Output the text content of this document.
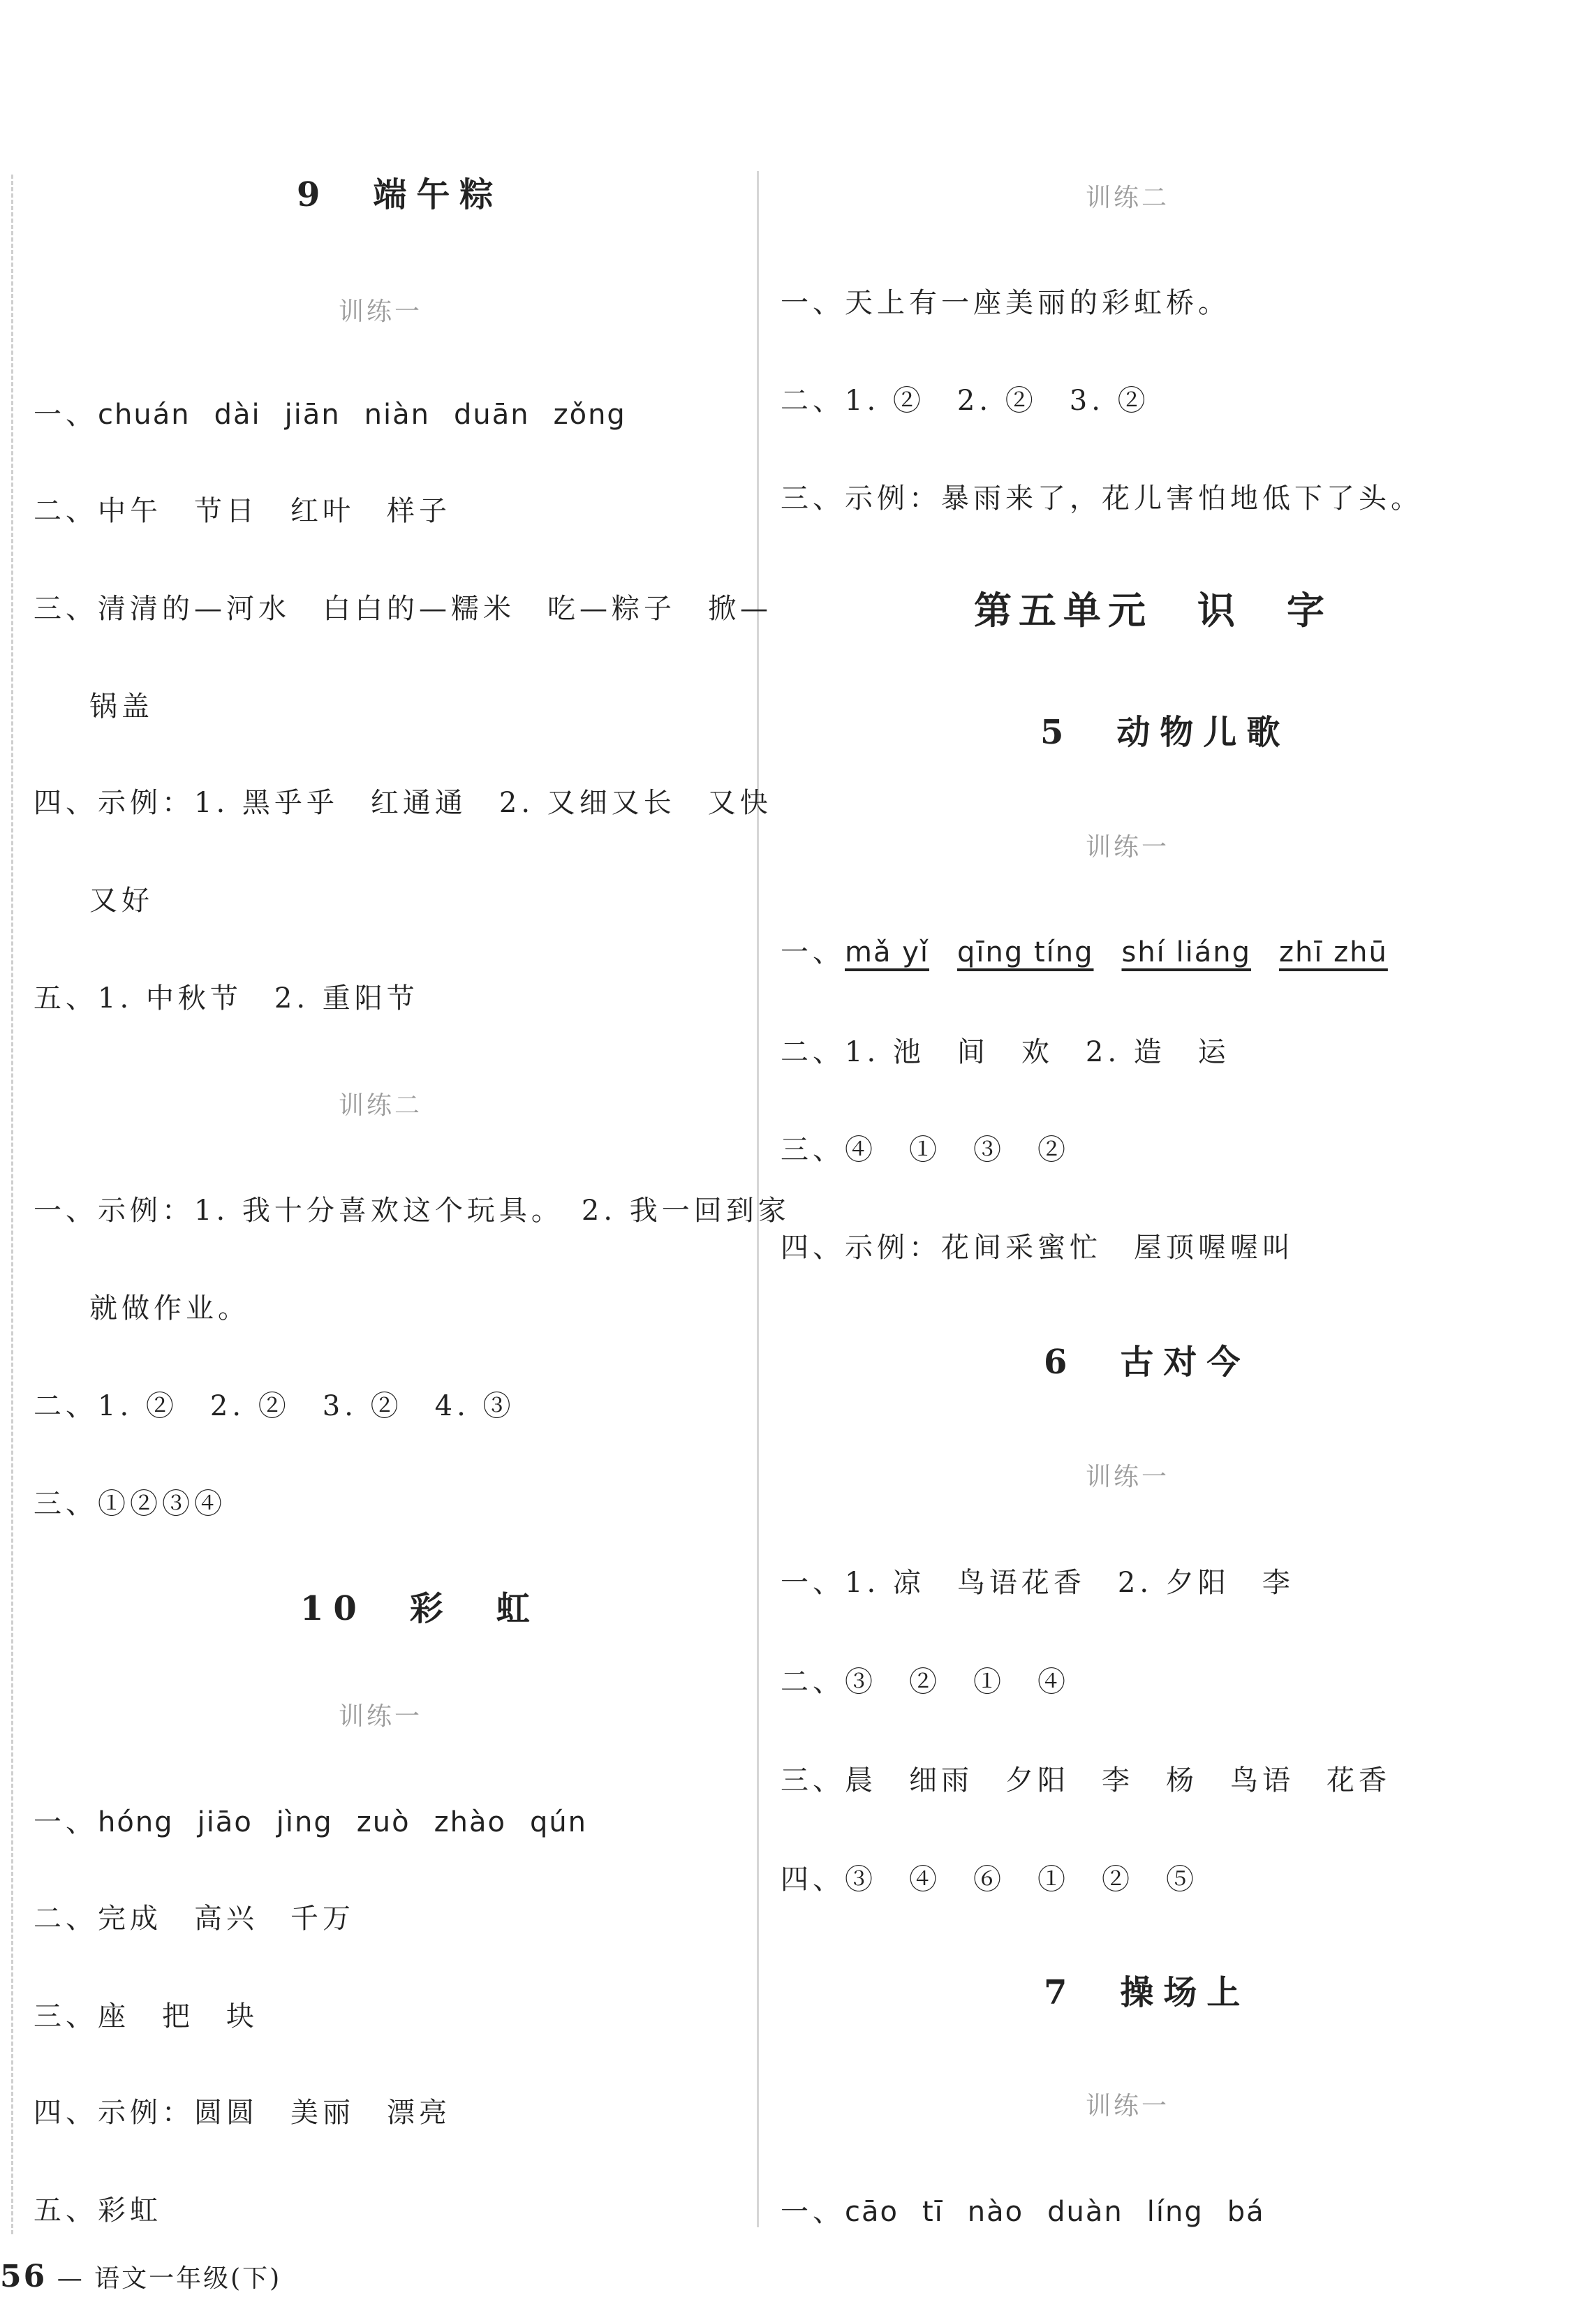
9　端午粽
训练一
一、chuán dài jiān niàn duān zǒng
二、中午　节日　红叶　样子
三、清清的—河水　白白的—糯米　吃—粽子　掀—
锅盖
四、示例：1. 黑乎乎　红通通　2. 又细又长　又快
又好
五、1. 中秋节　2. 重阳节
训练二
一、示例：1. 我十分喜欢这个玩具。　2. 我一回到家
就做作业。
二、1. ②　2. ②　3. ②　4. ③
三、①②③④
10　彩　虹
训练一
一、hóng jiāo jìng zuò zhào qún
二、完成　高兴　千万
三、座　把　块
四、示例：圆圆　美丽　漂亮
五、彩虹
训练二
一、天上有一座美丽的彩虹桥。
二、1. ②　2. ②　3. ②
三、示例：暴雨来了，花儿害怕地低下了头。
第五单元　识　字
5　动物儿歌
训练一
一、mǎ yǐ qīng tíng shí liáng zhī zhū
二、1. 池　间　欢　2. 造　运
三、④　①　③　②
四、示例：花间采蜜忙　屋顶喔喔叫
6　古对今
训练一
一、1. 凉　鸟语花香　2. 夕阳　李
二、③　②　①　④
三、晨　细雨　夕阳　李　杨　鸟语　花香
四、③　④　⑥　①　②　⑤
7　操场上
训练一
一、cāo tī nào duàn líng bá
56 — 语文一年级(下)
